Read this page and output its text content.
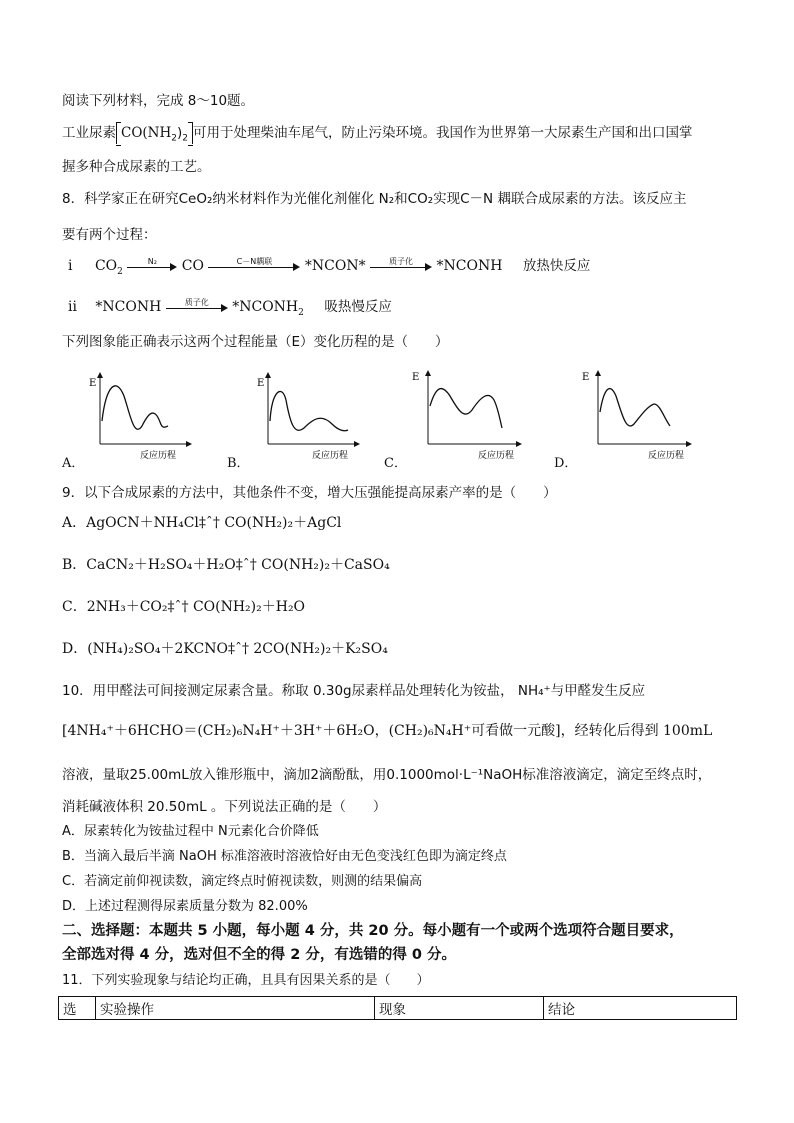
阅读下列材料，完成 8～10题。
工业尿素 $CO(NH_2)_2$ 可用于处理柴油车尾气，防止污染环境。我国作为世界第一大尿素生产国和出口国掌
握多种合成尿素的工艺。
8．科学家正在研究CeO₂纳米材料作为光催化剂催化 N₂和CO₂实现C－N 耦联合成尿素的方法。该反应主
要有两个过程：
i $CO_2$
N₂	CO	C－N耦联	*NCON*	质子化	*NCONH 放热快反应
ii *NCONH	质子化	$*NCONH_2$ 吸热慢反应
下列图象能正确表示这两个过程能量（E）变化历程的是（　　）
E
反应历程
E
反应历程
E
反应历程
E
反应历程
A．	B．	C．	D．
9．以下合成尿素的方法中，其他条件不变，增大压强能提高尿素产率的是（　　）
A．AgOCN＋NH₄Cl‡ˆ† CO(NH₂)₂＋AgCl
B．CaCN₂＋H₂SO₄＋H₂O‡ˆ† CO(NH₂)₂＋CaSO₄
C．2NH₃＋CO₂‡ˆ† CO(NH₂)₂＋H₂O
D．(NH₄)₂SO₄＋2KCNO‡ˆ† 2CO(NH₂)₂＋K₂SO₄
10．用甲醛法可间接测定尿素含量。称取 0.30g尿素样品处理转化为铵盐， NH₄⁺与甲醛发生反应
[4NH₄⁺＋6HCHO＝(CH₂)₆N₄H⁺＋3H⁺＋6H₂O，(CH₂)₆N₄H⁺可看做一元酸]，经转化后得到 100mL
溶液，量取25.00mL放入锥形瓶中，滴加2滴酚酞，用0.1000mol·L⁻¹NaOH标准溶液滴定，滴定至终点时，
消耗碱液体积 20.50mL 。下列说法正确的是（　　）
A．尿素转化为铵盐过程中 N元素化合价降低
B．当滴入最后半滴 NaOH 标准溶液时溶液恰好由无色变浅红色即为滴定终点
C．若滴定前仰视读数，滴定终点时俯视读数，则测的结果偏高
D．上述过程测得尿素质量分数为 82.00%
二、选择题：本题共 5 小题，每小题 4 分，共 20 分。每小题有一个或两个选项符合题目要求，
全部选对得 4 分，选对但不全的得 2 分，有选错的得 0 分。
11．下列实验现象与结论均正确，且具有因果关系的是（　　）
选	实验操作	现象	结论
